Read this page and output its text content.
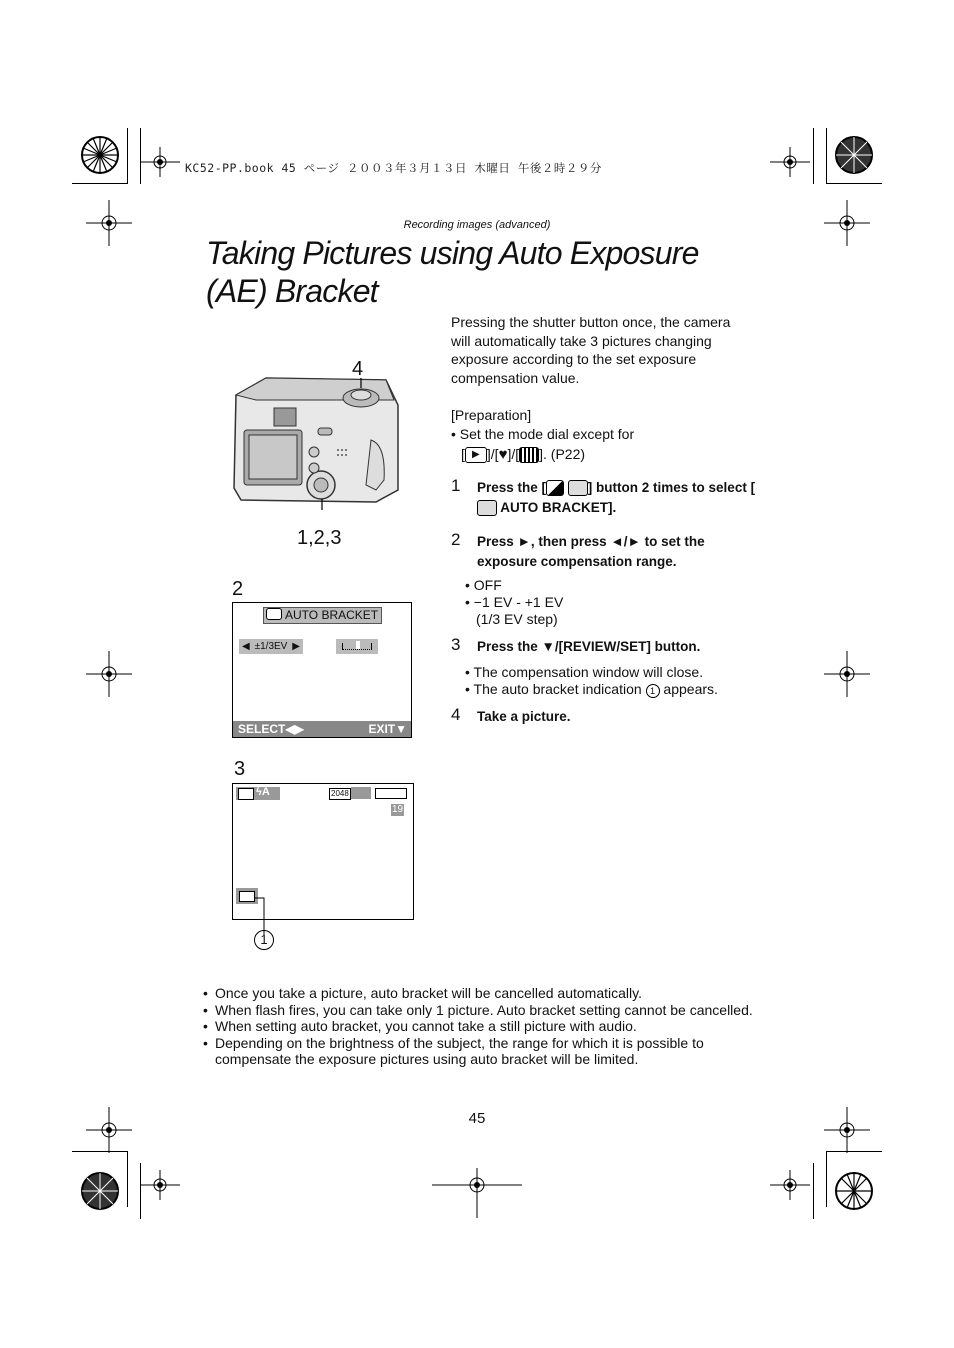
KC52-PP.book 45 ページ ２００３年３月１３日 木曜日 午後２時２９分
Recording images (advanced)
Taking Pictures using Auto Exposure
(AE) Bracket
4
1,2,3
2
AUTO BRACKET
◀ ±1/3EV ▶
SELECT◀▶	EXIT▼
3
ϟA	2048
19
1
Pressing the shutter button once, the camera will automatically take 3 pictures changing exposure according to the set exposure compensation value.
[Preparation]
• Set the mode dial except for
[ ▶ ]/[♥]/[ ]. (P22)
1 Press the [	] button 2 times to select [ AUTO BRACKET].
2 Press ►, then press ◄/► to set the exposure compensation range.
• OFF
• −1 EV - +1 EV
(1/3 EV step)
3 Press the ▼/[REVIEW/SET] button.
• The compensation window will close.
• The auto bracket indication 1 appears.
4 Take a picture.
• Once you take a picture, auto bracket will be cancelled automatically.
• When flash fires, you can take only 1 picture. Auto bracket setting cannot be cancelled.
• When setting auto bracket, you cannot take a still picture with audio.
• Depending on the brightness of the subject, the range for which it is possible to compensate the exposure pictures using auto bracket will be limited.
45
